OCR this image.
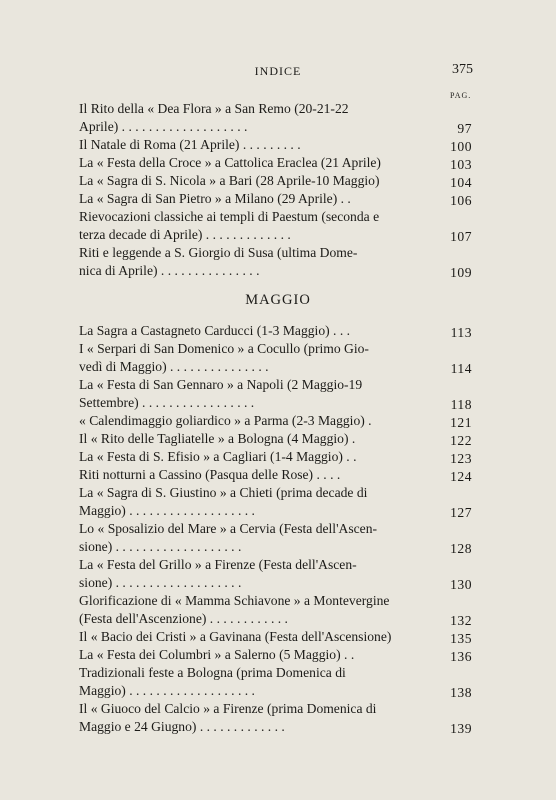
INDICE	375
PAG.
Il Rito della « Dea Flora » a San Remo (20-21-22
Aprile) . . . . . . . . . . . . . . . . . . .	97
Il Natale di Roma (21 Aprile) . . . . . . . . .	100
La « Festa della Croce » a Cattolica Eraclea (21 Aprile)	103
La « Sagra di S. Nicola » a Bari (28 Aprile-10 Maggio)	104
La « Sagra di San Pietro » a Milano (29 Aprile) . .	106
Rievocazioni classiche ai templi di Paestum (seconda e
terza decade di Aprile) . . . . . . . . . . . . .	107
Riti e leggende a S. Giorgio di Susa (ultima Dome-
nica di Aprile) . . . . . . . . . . . . . . .	109
MAGGIO
La Sagra a Castagneto Carducci (1-3 Maggio) . . .	113
I « Serpari di San Domenico » a Cocullo (primo Gio-
vedì di Maggio) . . . . . . . . . . . . . . .	114
La « Festa di San Gennaro » a Napoli (2 Maggio-19
Settembre) . . . . . . . . . . . . . . . . .	118
« Calendimaggio goliardico » a Parma (2-3 Maggio) .	121
Il « Rito delle Tagliatelle » a Bologna (4 Maggio) .	122
La « Festa di S. Efisio » a Cagliari (1-4 Maggio) . .	123
Riti notturni a Cassino (Pasqua delle Rose) . . . .	124
La « Sagra di S. Giustino » a Chieti (prima decade di
Maggio) . . . . . . . . . . . . . . . . . . .	127
Lo « Sposalizio del Mare » a Cervia (Festa dell'Ascen-
sione) . . . . . . . . . . . . . . . . . . .	128
La « Festa del Grillo » a Firenze (Festa dell'Ascen-
sione) . . . . . . . . . . . . . . . . . . .	130
Glorificazione di « Mamma Schiavone » a Montevergine
(Festa dell'Ascenzione) . . . . . . . . . . . .	132
Il « Bacio dei Cristi » a Gavinana (Festa dell'Ascensione)	135
La « Festa dei Columbri » a Salerno (5 Maggio) . .	136
Tradizionali feste a Bologna (prima Domenica di
Maggio) . . . . . . . . . . . . . . . . . . .	138
Il « Giuoco del Calcio » a Firenze (prima Domenica di
Maggio e 24 Giugno) . . . . . . . . . . . . .	139
